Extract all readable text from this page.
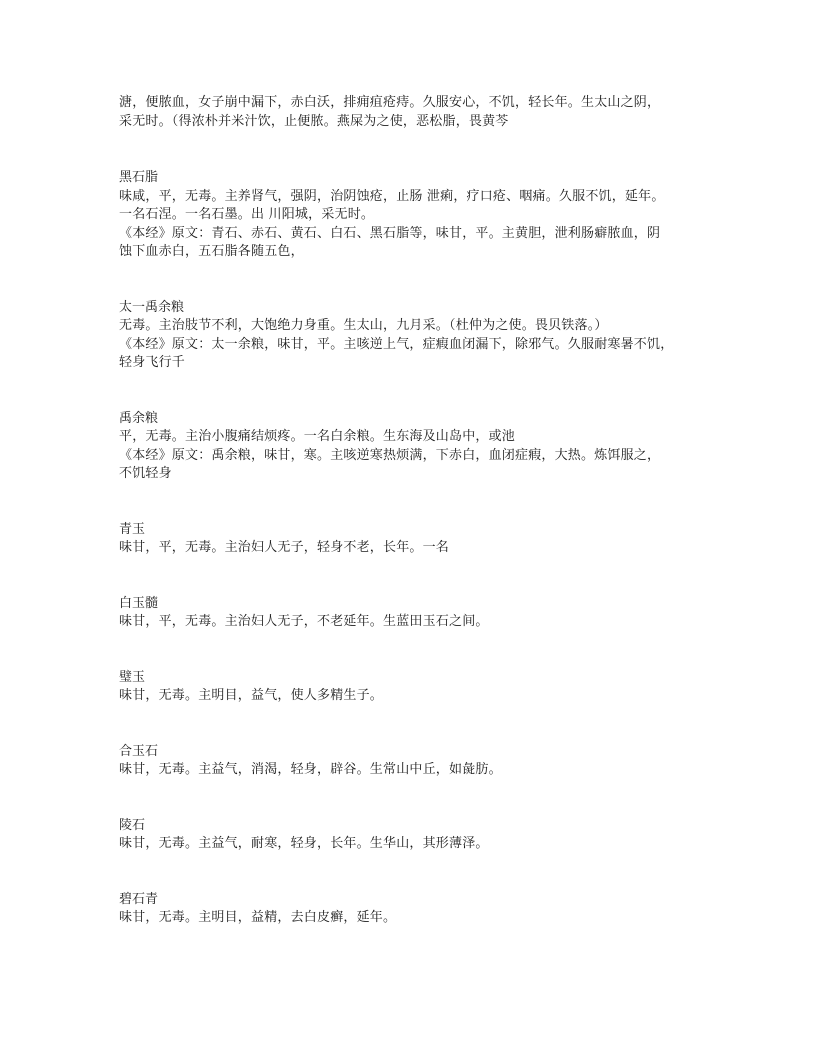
溏，便脓血，女子崩中漏下，赤白沃，排痈疽疮痔。久服安心，不饥，轻长年。生太山之阴，
采无时。（得浓朴并米汁饮，止便脓。燕屎为之使，恶松脂，畏黄芩
黑石脂
味咸，平，无毒。主养肾气，强阴，治阴蚀疮，止肠 泄痢，疗口疮、咽痛。久服不饥，延年。
一名石涅。一名石墨。出 川阳城，采无时。
《本经》原文：青石、赤石、黄石、白石、黑石脂等，味甘，平。主黄胆，泄利肠癖脓血，阴
蚀下血赤白，五石脂各随五色，
太一禹余粮
无毒。主治肢节不利，大饱绝力身重。生太山，九月采。（杜仲为之使。畏贝铁落。）
《本经》原文：太一余粮，味甘，平。主咳逆上气，症瘕血闭漏下，除邪气。久服耐寒暑不饥，
轻身飞行千
禹余粮
平，无毒。主治小腹痛结烦疼。一名白余粮。生东海及山岛中，或池
《本经》原文：禹余粮，味甘，寒。主咳逆寒热烦满，下赤白，血闭症瘕，大热。炼饵服之，
不饥轻身
青玉
味甘，平，无毒。主治妇人无子，轻身不老，长年。一名
白玉髓
味甘，平，无毒。主治妇人无子，不老延年。生蓝田玉石之间。
璧玉
味甘，无毒。主明目，益气，使人多精生子。
合玉石
味甘，无毒。主益气，消渴，轻身，辟谷。生常山中丘，如彘肪。
陵石
味甘，无毒。主益气，耐寒，轻身，长年。生华山，其形薄泽。
碧石青
味甘，无毒。主明目，益精，去白皮癣，延年。
